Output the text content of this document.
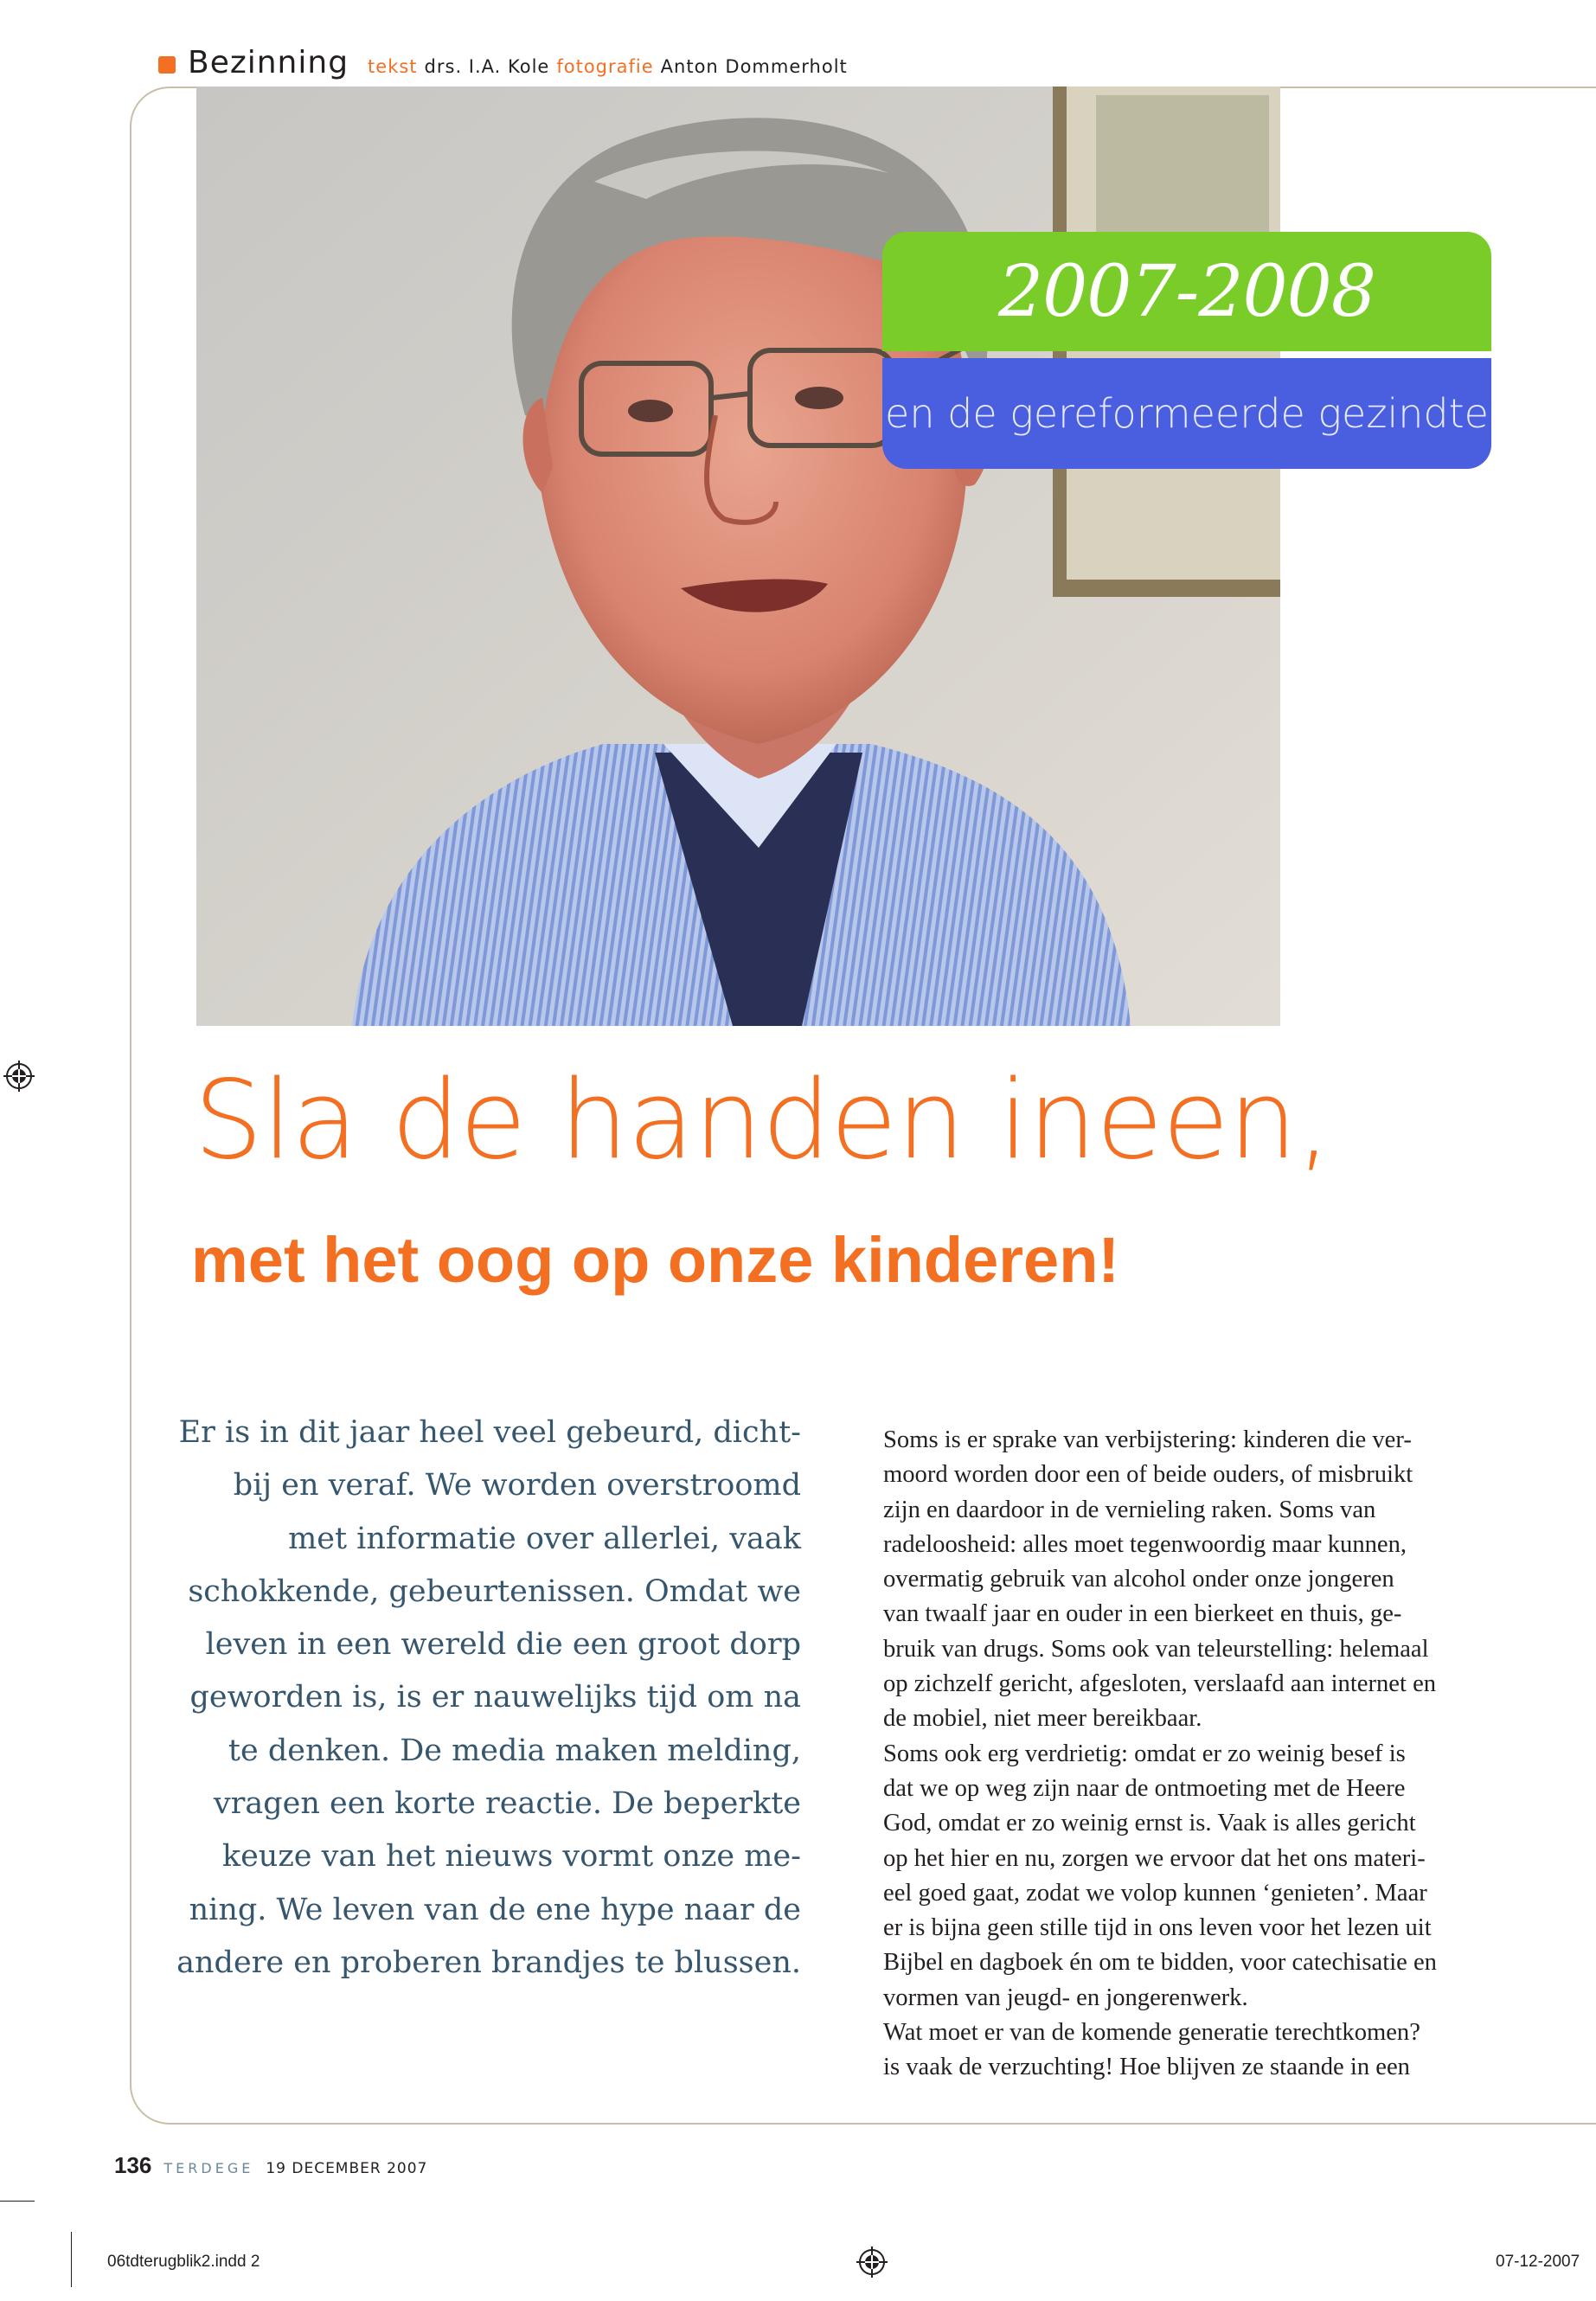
Bezinning tekst drs. I.A. Kole fotografie Anton Dommerholt
2007-2008
en de gereformeerde gezindte
Sla de handen ineen,
met het oog op onze kinderen!
Er is in dit jaar heel veel gebeurd, dicht-
bij en veraf. We worden overstroomd
met informatie over allerlei, vaak
schokkende, gebeurtenissen. Omdat we
leven in een wereld die een groot dorp
geworden is, is er nauwelijks tijd om na
te denken. De media maken melding,
vragen een korte reactie. De beperkte
keuze van het nieuws vormt onze me-
ning. We leven van de ene hype naar de
andere en proberen brandjes te blussen.
Soms is er sprake van verbijstering: kinderen die ver-
moord worden door een of beide ouders, of misbruikt
zijn en daardoor in de vernieling raken. Soms van
radeloosheid: alles moet tegenwoordig maar kunnen,
overmatig gebruik van alcohol onder onze jongeren
van twaalf jaar en ouder in een bierkeet en thuis, ge-
bruik van drugs. Soms ook van teleurstelling: helemaal
op zichzelf gericht, afgesloten, verslaafd aan internet en
de mobiel, niet meer bereikbaar.
Soms ook erg verdrietig: omdat er zo weinig besef is
dat we op weg zijn naar de ontmoeting met de Heere
God, omdat er zo weinig ernst is. Vaak is alles gericht
op het hier en nu, zorgen we ervoor dat het ons materi-
eel goed gaat, zodat we volop kunnen ‘genieten’. Maar
er is bijna geen stille tijd in ons leven voor het lezen uit
Bijbel en dagboek én om te bidden, voor catechisatie en
vormen van jeugd- en jongerenwerk.
Wat moet er van de komende generatie terechtkomen?
is vaak de verzuchting! Hoe blijven ze staande in een
136 TERDEGE 19 DECEMBER 2007
06tdterugblik2.indd 2	07-12-2007
